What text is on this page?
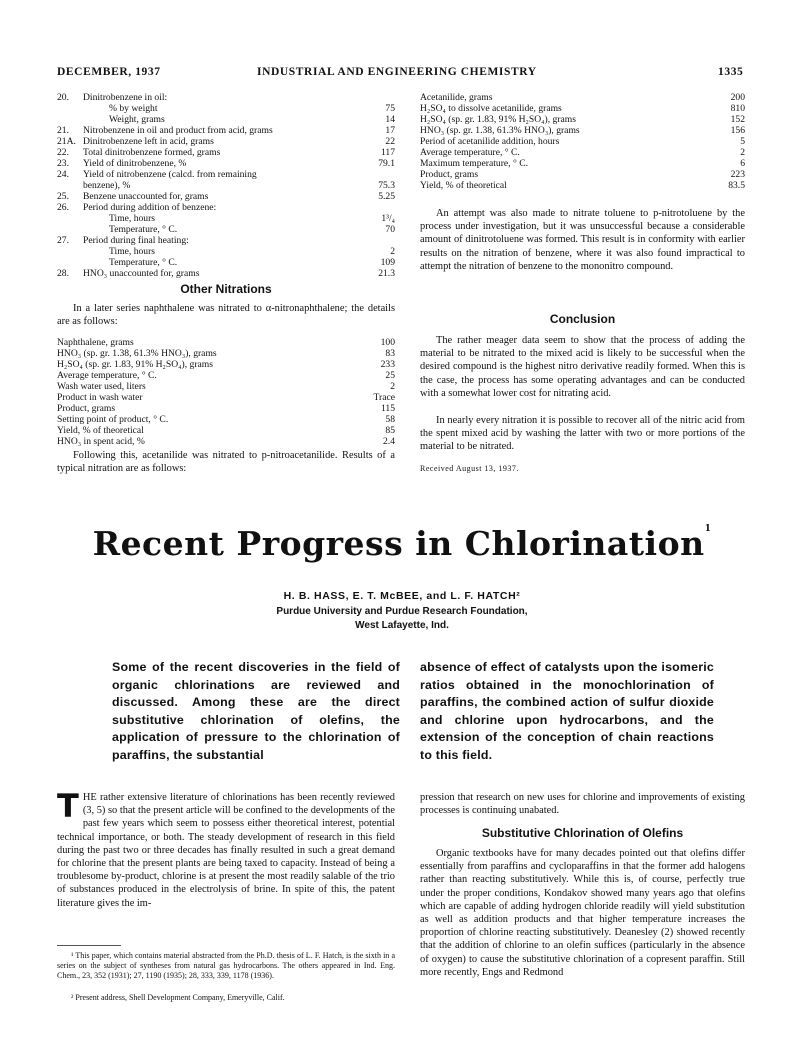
DECEMBER, 1937	INDUSTRIAL AND ENGINEERING CHEMISTRY	1335
20.	Dinitrobenzene in oil:
% by weight	75
Weight, grams	14
21.	Nitrobenzene in oil and product from acid, grams	17
21A. Dinitrobenzene left in acid, grams	22
22.	Total dinitrobenzene formed, grams	117
23.	Yield of dinitrobenzene, %	79.1
24.	Yield of nitrobenzene (calcd. from remaining
benzene), %	75.3
25.	Benzene unaccounted for, grams	5.25
26.	Period during addition of benzene:
Time, hours	1³/₄
Temperature, ° C.	70
27.	Period during final heating:
Time, hours	2
Temperature, ° C.	109
28.	HNO₃ unaccounted for, grams	21.3
Other Nitrations

In a later series naphthalene was nitrated to α-nitronaphthalene; the details are as follows:

Naphthalene, grams	100
HNO₃ (sp. gr. 1.38, 61.3% HNO₃), grams	83
H₂SO₄ (sp. gr. 1.83, 91% H₂SO₄), grams	233
Average temperature, ° C.	25
Wash water used, liters	2
Product in wash water	Trace
Product, grams	115
Setting point of product, ° C.	58
Yield, % of theoretical	85
HNO₃ in spent acid, %	2.4

Following this, acetanilide was nitrated to p-nitroacetanilide. Results of a typical nitration are as follows:

Acetanilide, grams	200
H₂SO₄ to dissolve acetanilide, grams	810
H₂SO₄ (sp. gr. 1.83, 91% H₂SO₄), grams	152
HNO₃ (sp. gr. 1.38, 61.3% HNO₃), grams	156
Period of acetanilide addition, hours	5
Average temperature, ° C.	2
Maximum temperature, ° C.	6
Product, grams	223
Yield, % of theoretical	83.5

An attempt was also made to nitrate toluene to p-nitrotoluene by the process under investigation, but it was unsuccessful because a considerable amount of dinitrotoluene was formed. This result is in conformity with earlier results on the nitration of benzene, where it was also found impractical to attempt the nitration of benzene to the mononitro compound.

Conclusion

The rather meager data seem to show that the process of adding the material to be nitrated to the mixed acid is likely to be successful when the desired compound is the highest nitro derivative readily formed. When this is the case, the process has some operating advantages and can be conducted with a somewhat lower cost for nitrating acid.

In nearly every nitration it is possible to recover all of the nitric acid from the spent mixed acid by washing the latter with two or more portions of the material to be nitrated.

Received August 13, 1937.
Recent Progress in Chlorination$^1$
H. B. HASS, E. T. McBEE, and L. F. HATCH²
Purdue University and Purdue Research Foundation,
West Lafayette, Ind.
Some of the recent discoveries in the field of organic chlorinations are reviewed and discussed. Among these are the direct substitutive chlorination of olefins, the application of pressure to the chlorination of paraffins, the substantial
absence of effect of catalysts upon the isomeric ratios obtained in the monochlorination of paraffins, the combined action of sulfur dioxide and chlorine upon hydrocarbons, and the extension of the conception of chain reactions to this field.
THE rather extensive literature of chlorinations has been recently reviewed (3, 5) so that the present article will be confined to the developments of the past few years which seem to possess either theoretical interest, potential technical importance, or both. The steady development of research in this field during the past two or three decades has finally resulted in such a great demand for chlorine that the present plants are being taxed to capacity. Instead of being a troublesome by-product, chlorine is at present the most readily salable of the trio of substances produced in the electrolysis of brine. In spite of this, the patent literature gives the im-
¹ This paper, which contains material abstracted from the Ph.D. thesis of L. F. Hatch, is the sixth in a series on the subject of syntheses from natural gas hydrocarbons. The others appeared in Ind. Eng. Chem., 23, 352 (1931); 27, 1190 (1935); 28, 333, 339, 1178 (1936).
² Present address, Shell Development Company, Emeryville, Calif.

pression that research on new uses for chlorine and improvements of existing processes is continuing unabated.

Substitutive Chlorination of Olefins

Organic textbooks have for many decades pointed out that olefins differ essentially from paraffins and cycloparaffins in that the former add halogens rather than reacting substitutively. While this is, of course, perfectly true under the proper conditions, Kondakov showed many years ago that olefins which are capable of adding hydrogen chloride readily will yield substitution as well as addition products and that higher temperature increases the proportion of chlorine reacting substitutively. Deanesley (2) showed recently that the addition of chlorine to an olefin suffices (particularly in the absence of oxygen) to cause the substitutive chlorination of a copresent paraffin. Still more recently, Engs and Redmond
